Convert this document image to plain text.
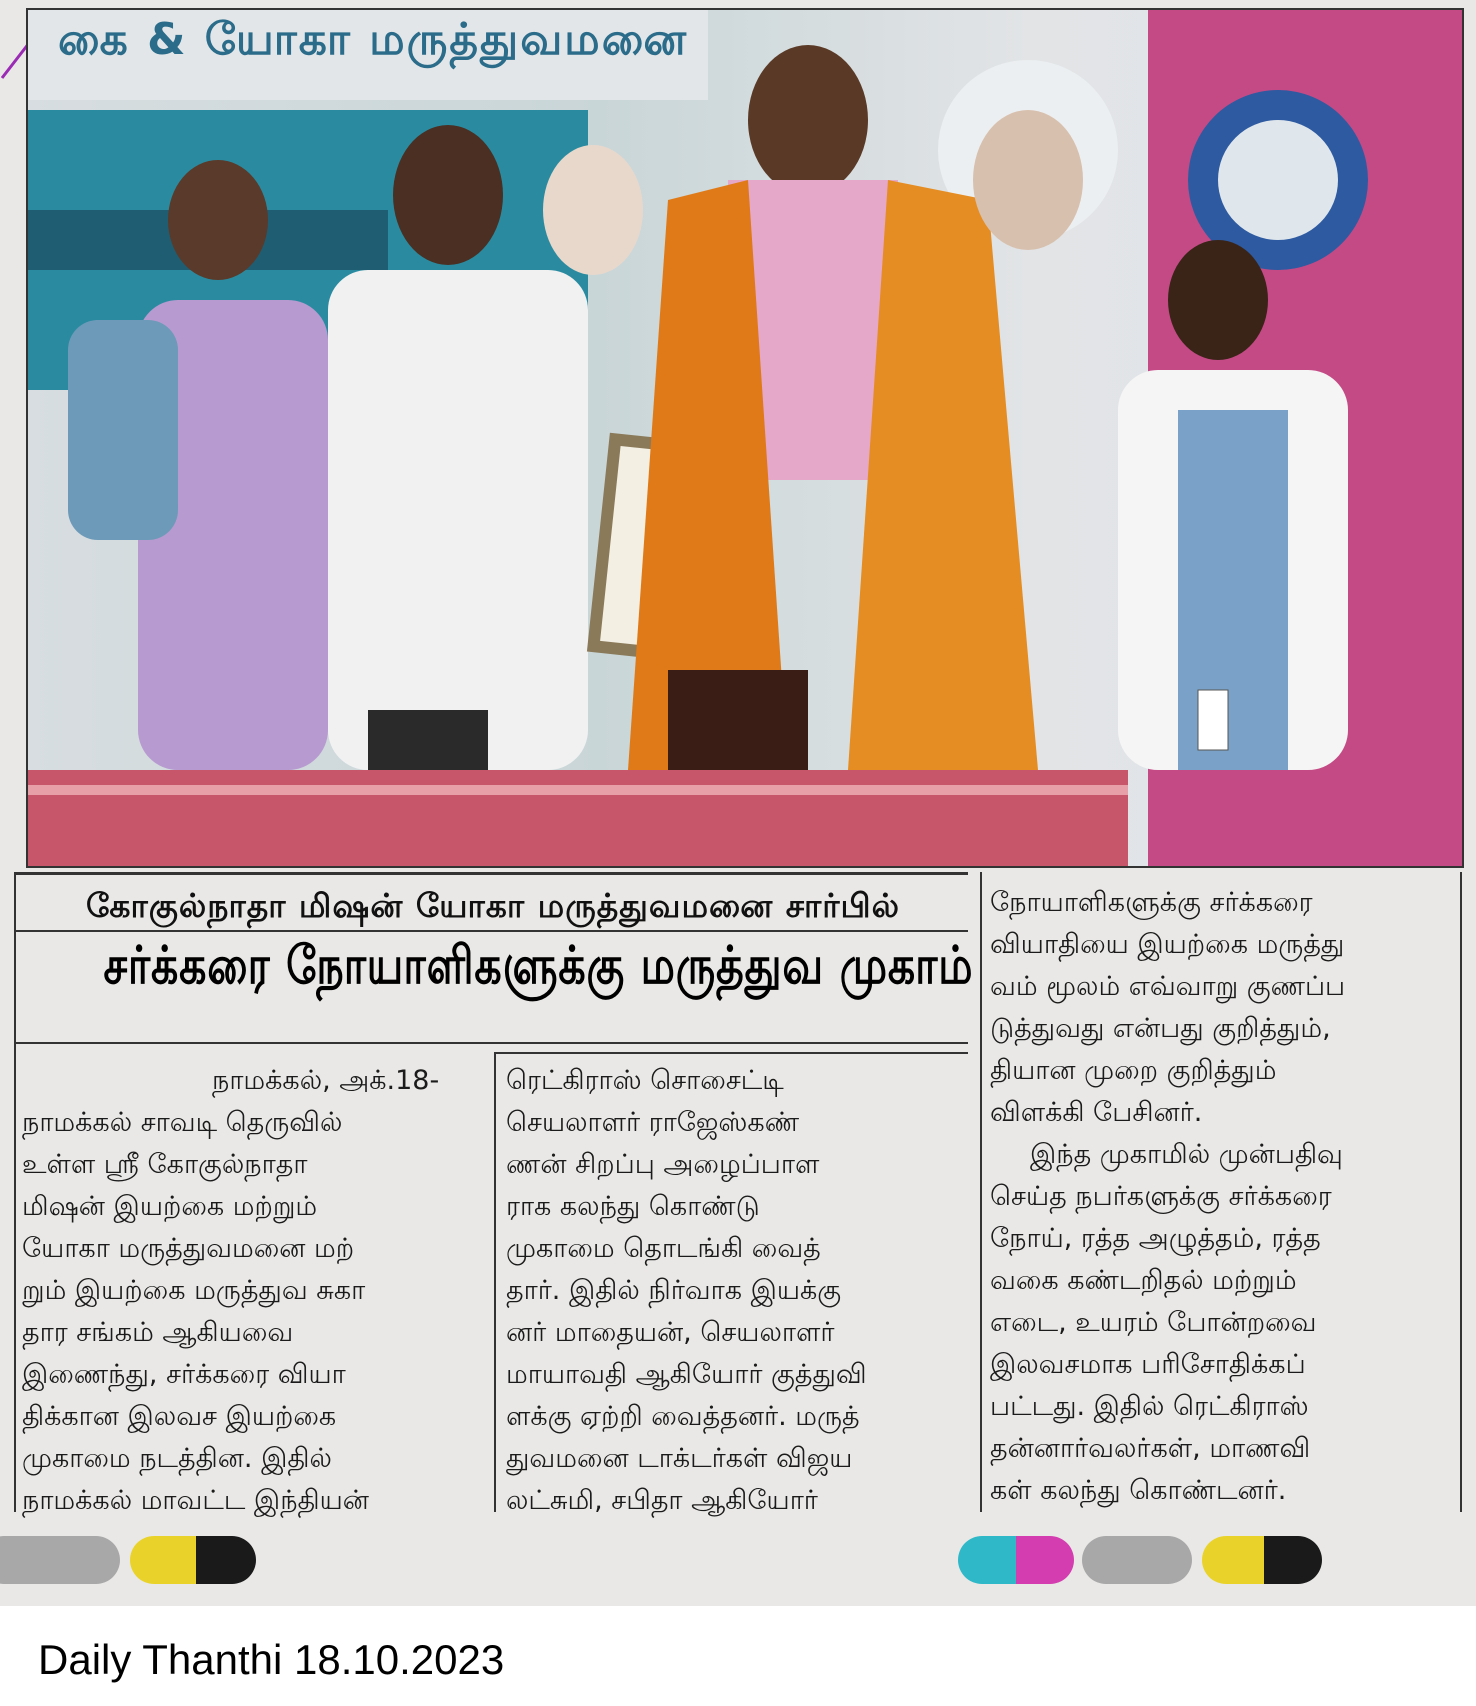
கை & யோகா மருத்துவமனை
கோகுல்நாதா மிஷன் யோகா மருத்துவமனை சார்பில்
சர்க்கரை நோயாளிகளுக்கு மருத்துவ முகாம்
நாமக்கல், அக்.18-
நாமக்கல் சாவடி தெருவில்
உள்ள ஸ்ரீ கோகுல்நாதா
மிஷன் இயற்கை மற்றும்
யோகா மருத்துவமனை மற்
றும் இயற்கை மருத்துவ சுகா
தார சங்கம் ஆகியவை
இணைந்து, சர்க்கரை வியா
திக்கான இலவச இயற்கை
முகாமை நடத்தின. இதில்
நாமக்கல் மாவட்ட இந்தியன்
ரெட்கிராஸ் சொசைட்டி
செயலாளர் ராஜேஸ்கண்
ணன் சிறப்பு அழைப்பாள
ராக கலந்து கொண்டு
முகாமை தொடங்கி வைத்
தார். இதில் நிர்வாக இயக்கு
னர் மாதையன், செயலாளர்
மாயாவதி ஆகியோர் குத்துவி
ளக்கு ஏற்றி வைத்தனர். மருத்
துவமனை டாக்டர்கள் விஜய
லட்சுமி, சபிதா ஆகியோர்
நோயாளிகளுக்கு சர்க்கரை
வியாதியை இயற்கை மருத்து
வம் மூலம் எவ்வாறு குணப்ப
டுத்துவது என்பது குறித்தும்,
தியான முறை குறித்தும்
விளக்கி பேசினர்.
இந்த முகாமில் முன்பதிவு
செய்த நபர்களுக்கு சர்க்கரை
நோய், ரத்த அழுத்தம், ரத்த
வகை கண்டறிதல் மற்றும்
எடை, உயரம் போன்றவை
இலவசமாக பரிசோதிக்கப்
பட்டது. இதில் ரெட்கிராஸ்
தன்னார்வலர்கள், மாணவி
கள் கலந்து கொண்டனர்.
Daily Thanthi 18.10.2023
